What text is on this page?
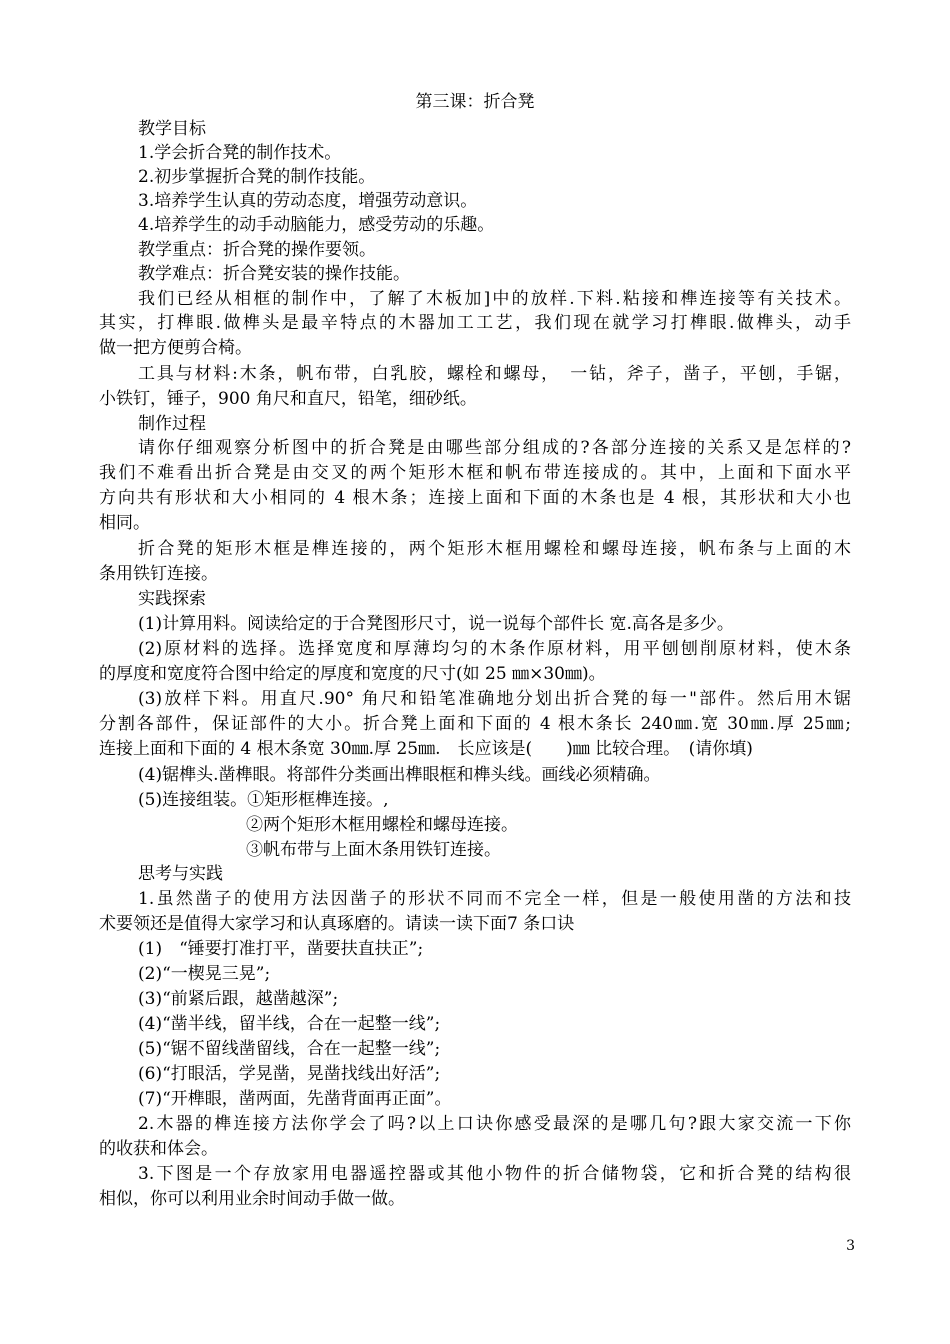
第三课：折合凳
教学目标
1.学会折合凳的制作技术。
2.初步掌握折合凳的制作技能。
3.培养学生认真的劳动态度，增强劳动意识。
4.培养学生的动手动脑能力，感受劳动的乐趣。
教学重点：折合凳的操作要领。
教学难点：折合凳安装的操作技能。
我们已经从相框的制作中，了解了木板加]中的放样.下料.粘接和榫连接等有关技术。
其实，打榫眼.做榫头是最辛特点的木器加工工艺，我们现在就学习打榫眼.做榫头，动手
做一把方便剪合椅。
工具与材料:木条，帆布带，白乳胶，螺栓和螺母，　一钻，斧子，凿子，平刨，手锯，
小铁钉，锤子，900 角尺和直尺，铅笔，细砂纸。
制作过程
请你仔细观察分析图中的折合凳是由哪些部分组成的?各部分连接的关系又是怎样的?
我们不难看出折合凳是由交叉的两个矩形木框和帆布带连接成的。其中，上面和下面水平
方向共有形状和大小相同的 4 根木条；连接上面和下面的木条也是 4 根，其形状和大小也
相同。
折合凳的矩形木框是榫连接的，两个矩形木框用螺栓和螺母连接，帆布条与上面的木
条用铁钉连接。
实践探索
(1)计算用料。阅读给定的于合凳图形尺寸，说一说每个部件长 宽.高各是多少。
(2)原材料的选择。选择宽度和厚薄均匀的木条作原材料，用平刨刨削原材料，使木条
的厚度和宽度符合图中给定的厚度和宽度的尺寸(如 25 ㎜×30㎜)。
(3)放样下料。用直尺.90° 角尺和铅笔准确地分划出折合凳的每一"部件。然后用木锯
分割各部件，保证部件的大小。折合凳上面和下面的 4 根木条长 240㎜.宽 30㎜.厚 25㎜;
连接上面和下面的 4 根木条宽 30㎜.厚 25㎜.　长应该是(　　)㎜ 比较合理。　(请你填)
(4)锯榫头.凿榫眼。将部件分类画出榫眼框和榫头线。画线必须精确。
(5)连接组装。①矩形框榫连接。,
②两个矩形木框用螺栓和螺母连接。
③帆布带与上面木条用铁钉连接。
思考与实践
1.虽然凿子的使用方法因凿子的形状不同而不完全一样，但是一般使用凿的方法和技
术要领还是值得大家学习和认真琢磨的。请读一读下面7 条口诀
(1)　“锤要打准打平，凿要扶直扶正”;
(2)“一楔晃三晃”;
(3)“前紧后跟，越凿越深”;
(4)“凿半线，留半线，合在一起整一线”;
(5)“锯不留线凿留线，合在一起整一线”;
(6)“打眼活，学晃凿，晃凿找线出好活”;
(7)“开榫眼，凿两面，先凿背面再正面”。
2.木器的榫连接方法你学会了吗?以上口诀你感受最深的是哪几句?跟大家交流一下你
的收获和体会。
3.下图是一个存放家用电器遥控器或其他小物件的折合储物袋，它和折合凳的结构很
相似，你可以利用业余时间动手做一做。
3
